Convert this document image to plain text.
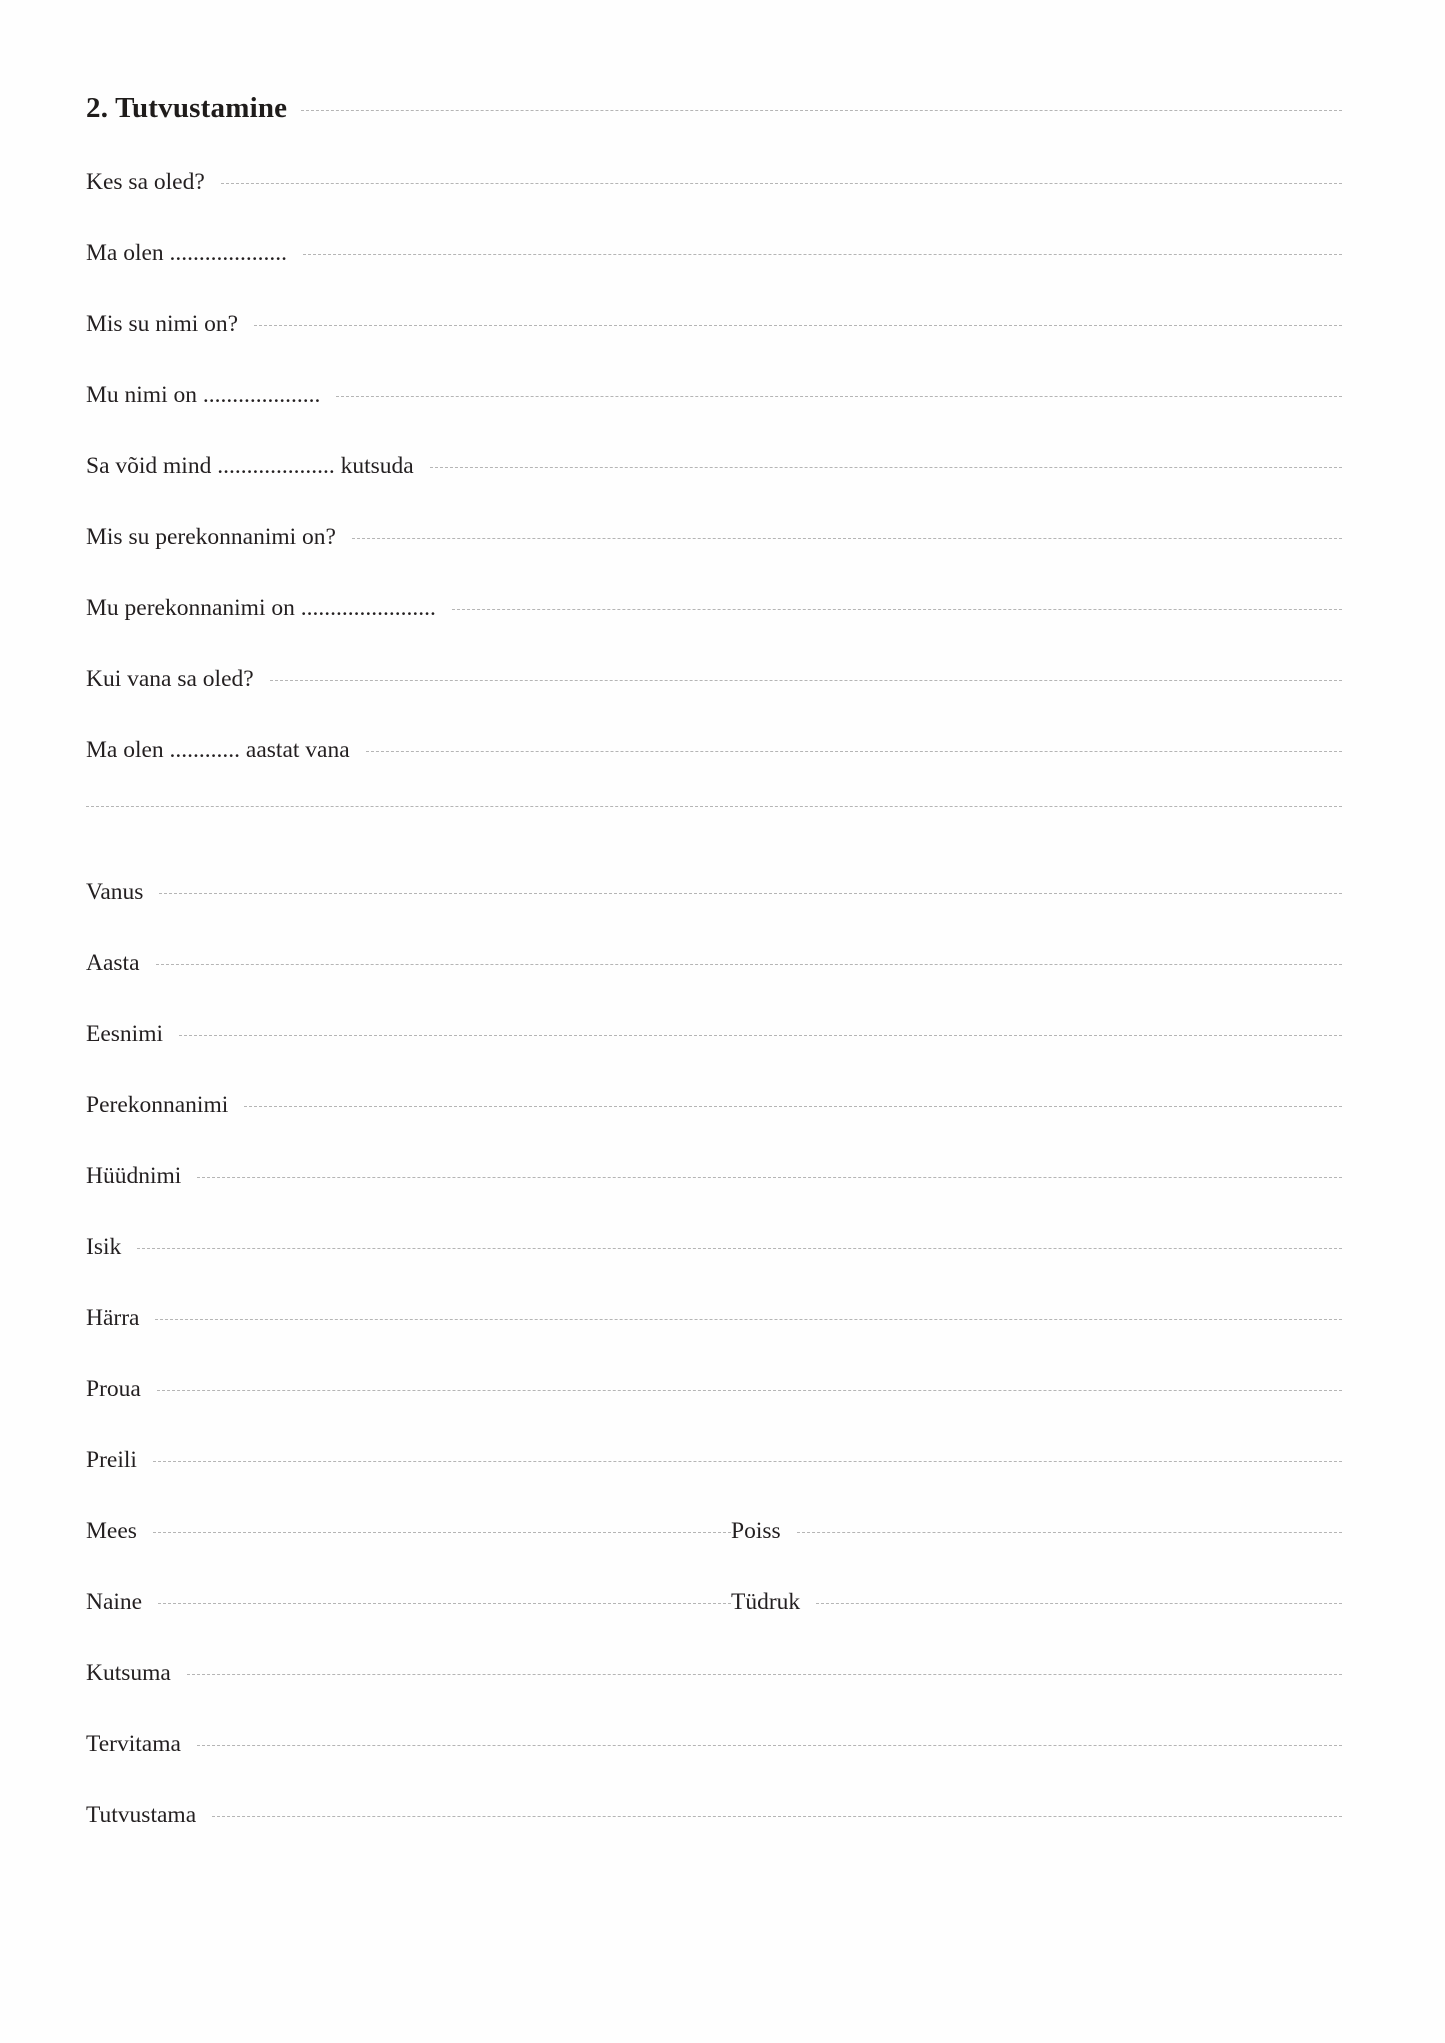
2. Tutvustamine
Kes sa oled?
Ma olen ....................
Mis su nimi on?
Mu nimi on ....................
Sa võid mind .................... kutsuda
Mis su perekonnanimi on?
Mu perekonnanimi on .......................
Kui vana sa oled?
Ma olen ............ aastat vana
Vanus
Aasta
Eesnimi
Perekonnanimi
Hüüdnimi
Isik
Härra
Proua
Preili
Mees	Poiss
Naine	Tüdruk
Kutsuma
Tervitama
Tutvustama
